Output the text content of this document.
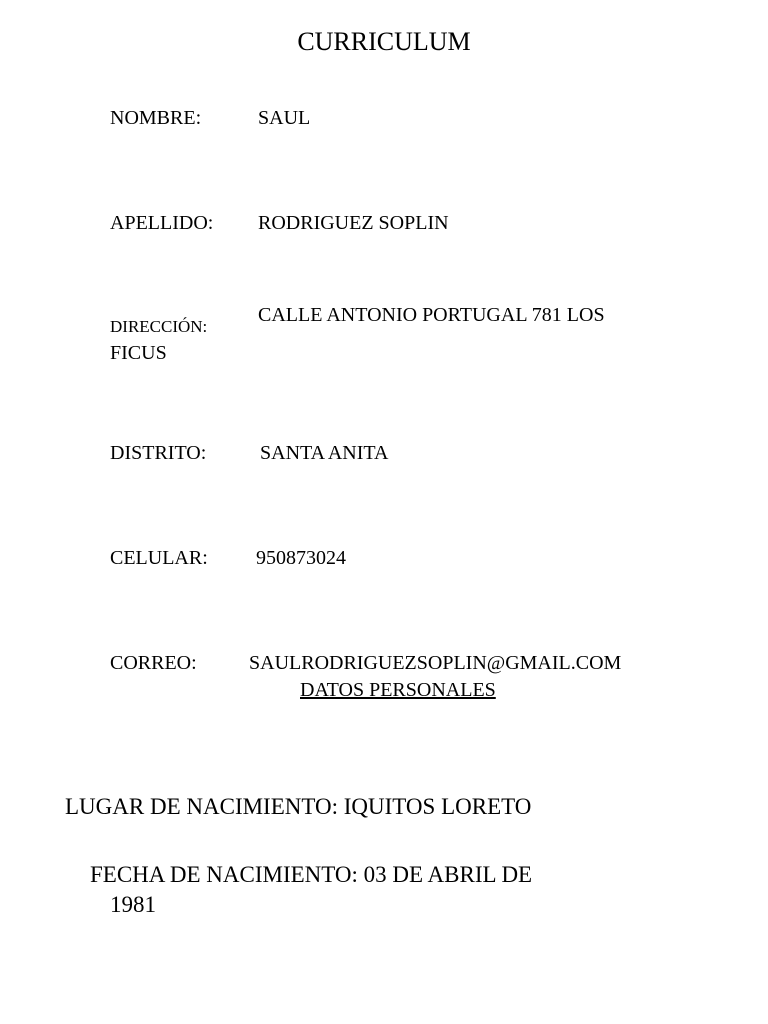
CURRICULUM
NOMBRE:	SAUL
APELLIDO: RODRIGUEZ SOPLIN
DIRECCIÓN:
CALLE ANTONIO PORTUGAL 781 LOS
FICUS
DISTRITO:	SANTA ANITA
CELULAR: 950873024
CORREO:	SAULRODRIGUEZSOPLIN@GMAIL.COM
DATOS PERSONALES
LUGAR DE NACIMIENTO: IQUITOS LORETO
FECHA DE NACIMIENTO: 03 DE ABRIL DE
1981
